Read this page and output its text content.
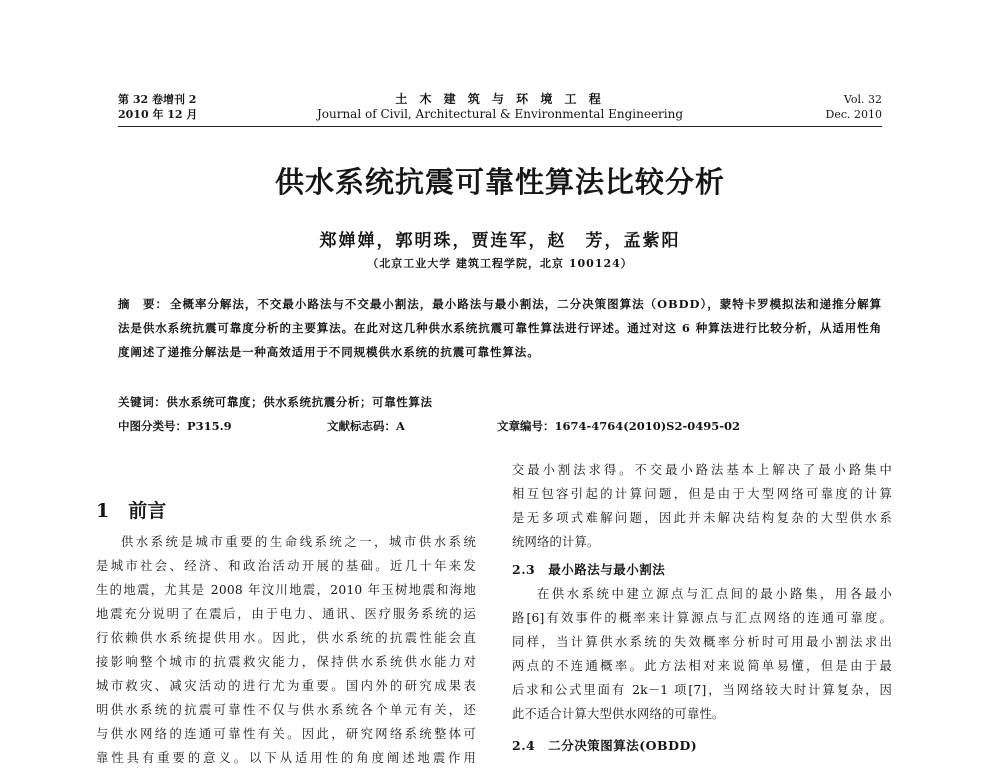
第 32 卷增刊 2
2010 年 12 月
土 木 建 筑 与 环 境 工 程
Journal of Civil, Architectural & Environmental Engineering
Vol. 32
Dec. 2010
供水系统抗震可靠性算法比较分析
郑婵婵，郭明珠，贾连军，赵　芳，孟紫阳
（北京工业大学 建筑工程学院，北京 100124）
摘　要： 全概率分解法，不交最小路法与不交最小割法，最小路法与最小割法，二分决策图算法（OBDD），蒙特卡罗模拟法和递推分解算法是供水系统抗震可靠度分析的主要算法。在此对这几种供水系统抗震可靠性算法进行评述。通过对这 6 种算法进行比较分析，从适用性角度阐述了递推分解法是一种高效适用于不同规模供水系统的抗震可靠性算法。
关键词：供水系统可靠度；供水系统抗震分析；可靠性算法
中图分类号：P315.9	文献标志码：A	文章编号：1674-4764(2010)S2-0495-02
1　前言
供水系统是城市重要的生命线系统之一，城市供水系统
是城市社会、经济、和政治活动开展的基础。近几十年来发
生的地震，尤其是 2008 年汶川地震，2010 年玉树地震和海地
地震充分说明了在震后，由于电力、通讯、医疗服务系统的运
行依赖供水系统提供用水。因此，供水系统的抗震性能会直
接影响整个城市的抗震救灾能力，保持供水系统供水能力对
城市救灾、减灾活动的进行尤为重要。国内外的研究成果表
明供水系统的抗震可靠性不仅与供水系统各个单元有关，还
与供水网络的连通可靠性有关。因此，研究网络系统整体可
靠性具有重要的意义。以下从适用性的角度阐述地震作用
交最小割法求得。不交最小路法基本上解决了最小路集中
相互包容引起的计算问题，但是由于大型网络可靠度的计算
是无多项式难解问题，因此并未解决结构复杂的大型供水系
统网络的计算。
2.3　最小路法与最小割法
在供水系统中建立源点与汇点间的最小路集，用各最小
路[6]有效事件的概率来计算源点与汇点网络的连通可靠度。
同样，当计算供水系统的失效概率分析时可用最小割法求出
两点的不连通概率。此方法相对来说简单易懂，但是由于最
后求和公式里面有 2k－1 项[7]，当网络较大时计算复杂，因
此不适合计算大型供水网络的可靠性。
2.4　二分决策图算法(OBDD)
